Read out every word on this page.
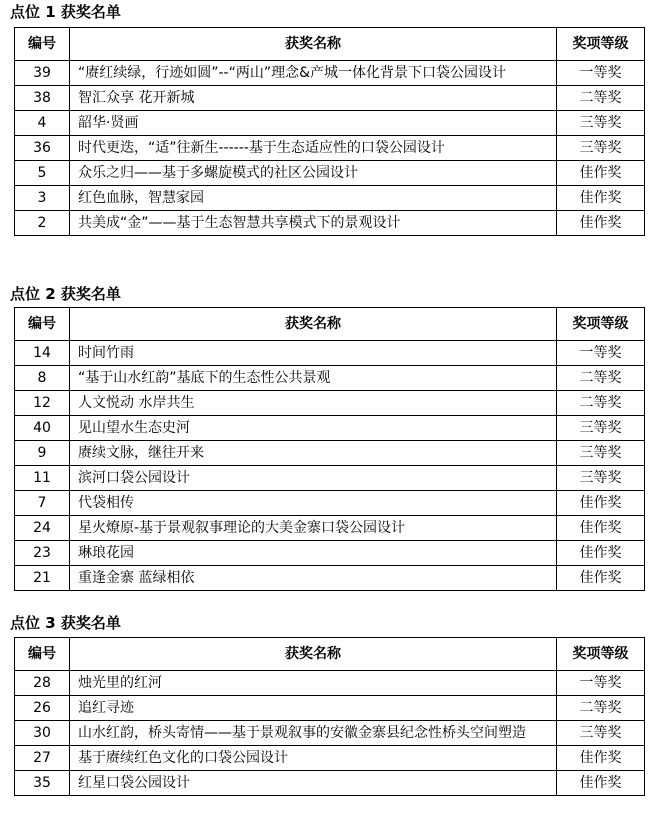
点位 1 获奖名单
编号	获奖名称	奖项等级
39	“赓红续绿，行迹如圆”--“两山”理念&产城一体化背景下口袋公园设计	一等奖
38	智汇众享 花开新城	二等奖
4	韶华·贤画	三等奖
36	时代更迭，“适”往新生------基于生态适应性的口袋公园设计	三等奖
5	众乐之归——基于多螺旋模式的社区公园设计	佳作奖
3	红色血脉，智慧家园	佳作奖
2	共美成“金”——基于生态智慧共享模式下的景观设计	佳作奖
点位 2 获奖名单
编号	获奖名称	奖项等级
14	时间竹雨	一等奖
8	“基于山水红韵”基底下的生态性公共景观	二等奖
12	人文悦动 水岸共生	二等奖
40	见山望水生态史河	三等奖
9	赓续文脉，继往开来	三等奖
11	滨河口袋公园设计	三等奖
7	代袋相传	佳作奖
24	星火燎原-基于景观叙事理论的大美金寨口袋公园设计	佳作奖
23	琳琅花园	佳作奖
21	重逢金寨 蓝绿相依	佳作奖
点位 3 获奖名单
编号	获奖名称	奖项等级
28	烛光里的红河	一等奖
26	追红寻迹	二等奖
30	山水红韵，桥头寄情——基于景观叙事的安徽金寨县纪念性桥头空间塑造	三等奖
27	基于赓续红色文化的口袋公园设计	佳作奖
35	红星口袋公园设计	佳作奖
